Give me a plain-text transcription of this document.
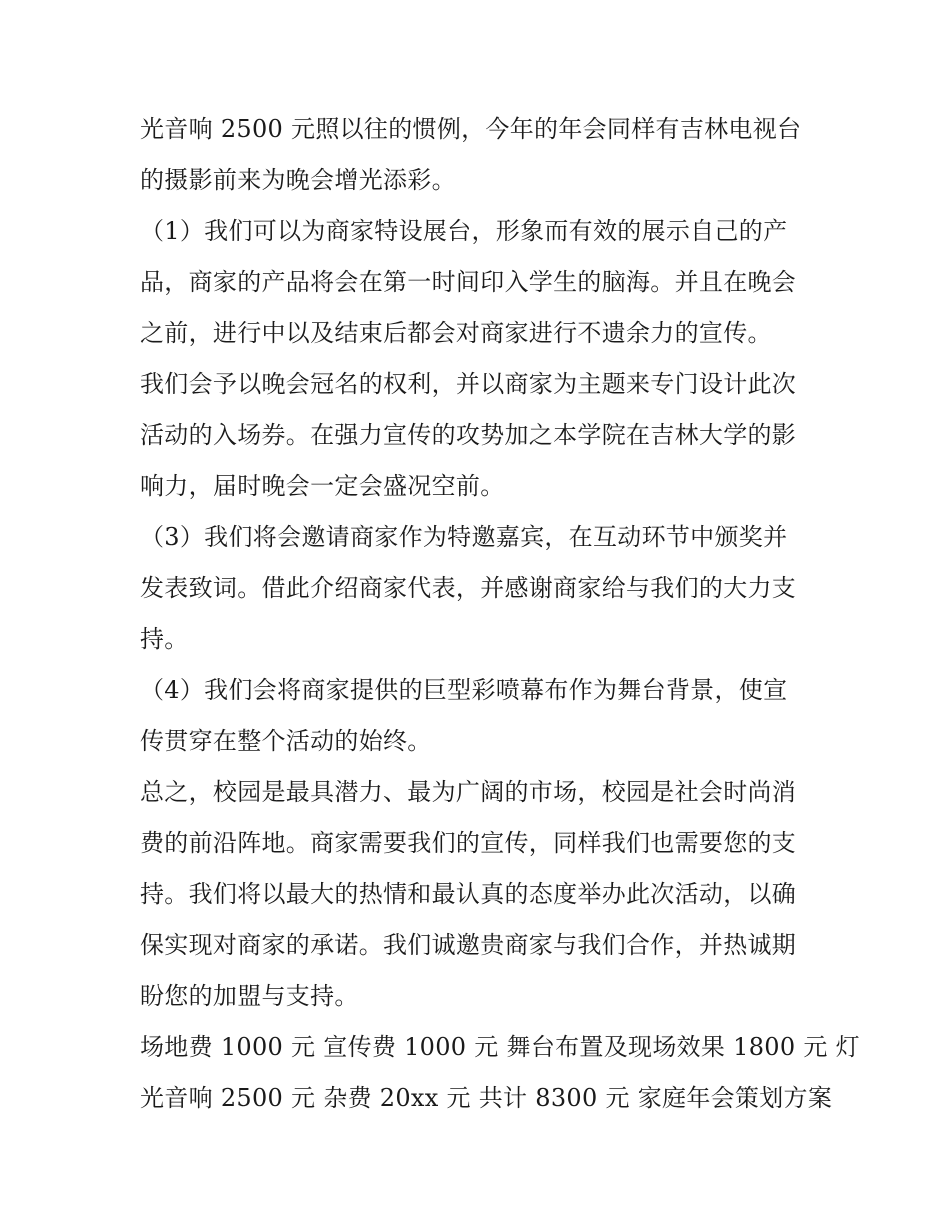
光音响 2500 元照以往的惯例，今年的年会同样有吉林电视台
的摄影前来为晚会增光添彩。
（1）我们可以为商家特设展台，形象而有效的展示自己的产
品，商家的产品将会在第一时间印入学生的脑海。并且在晚会
之前，进行中以及结束后都会对商家进行不遗余力的宣传。
我们会予以晚会冠名的权利，并以商家为主题来专门设计此次
活动的入场券。在强力宣传的攻势加之本学院在吉林大学的影
响力，届时晚会一定会盛况空前。
（3）我们将会邀请商家作为特邀嘉宾，在互动环节中颁奖并
发表致词。借此介绍商家代表，并感谢商家给与我们的大力支
持。
（4）我们会将商家提供的巨型彩喷幕布作为舞台背景，使宣
传贯穿在整个活动的始终。
总之，校园是最具潜力、最为广阔的市场，校园是社会时尚消
费的前沿阵地。商家需要我们的宣传，同样我们也需要您的支
持。我们将以最大的热情和最认真的态度举办此次活动，以确
保实现对商家的承诺。我们诚邀贵商家与我们合作，并热诚期
盼您的加盟与支持。
场地费 1000 元 宣传费 1000 元 舞台布置及现场效果 1800 元 灯
光音响 2500 元 杂费 20xx 元 共计 8300 元 家庭年会策划方案
